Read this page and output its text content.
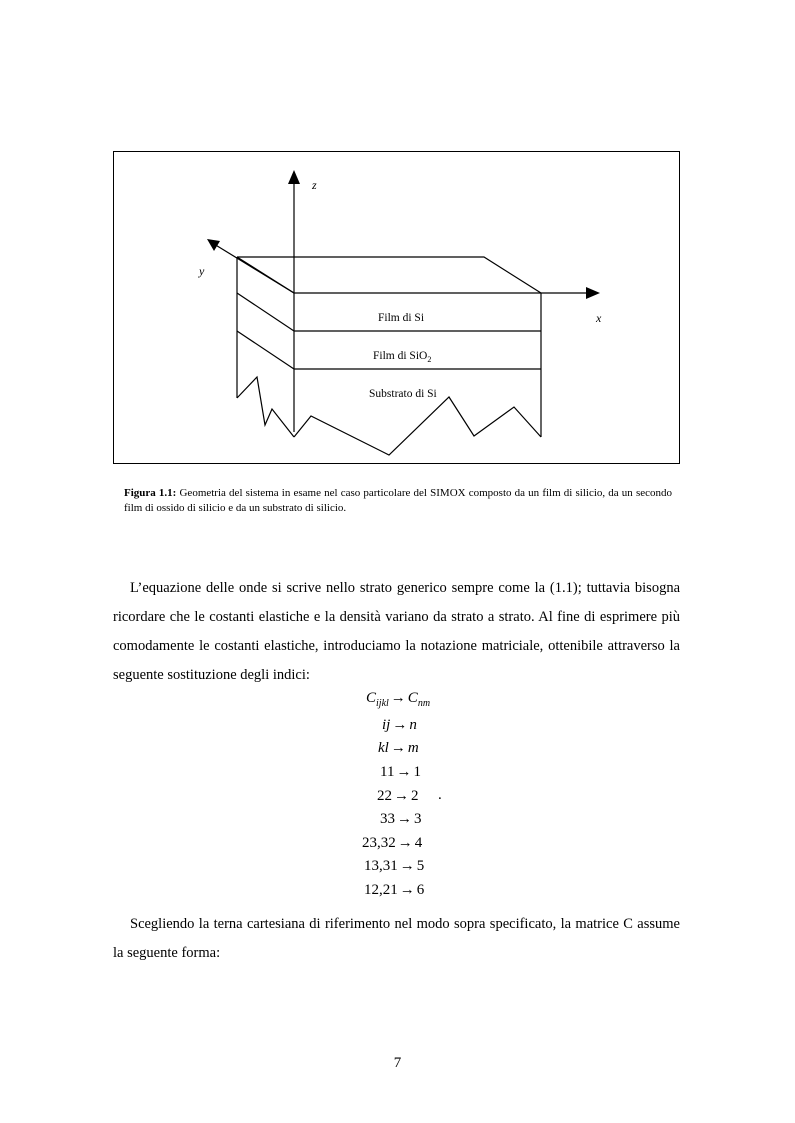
z
y
x
Film di Si
Film di SiO$_2$
Substrato di Si
Figura 1.1: Geometria del sistema in esame nel caso particolare del SIMOX composto da un film di silicio, da un secondo film di ossido di silicio e da un substrato di silicio.
L’equazione delle onde si scrive nello strato generico sempre come la (1.1); tuttavia bisogna ricordare che le costanti elastiche e la densità variano da strato a strato. Al fine di esprimere più comodamente le costanti elastiche, introduciamo la notazione matriciale, ottenibile attraverso la seguente sostituzione degli indici:
$C_{ijkl} \to C_{nm}$
ij → n
kl → m
11 → 1
22 → 2
33 → 3
23,32 → 4
13,31 → 5
12,21 → 6
.
Scegliendo la terna cartesiana di riferimento nel modo sopra specificato, la matrice C assume la seguente forma:
7
